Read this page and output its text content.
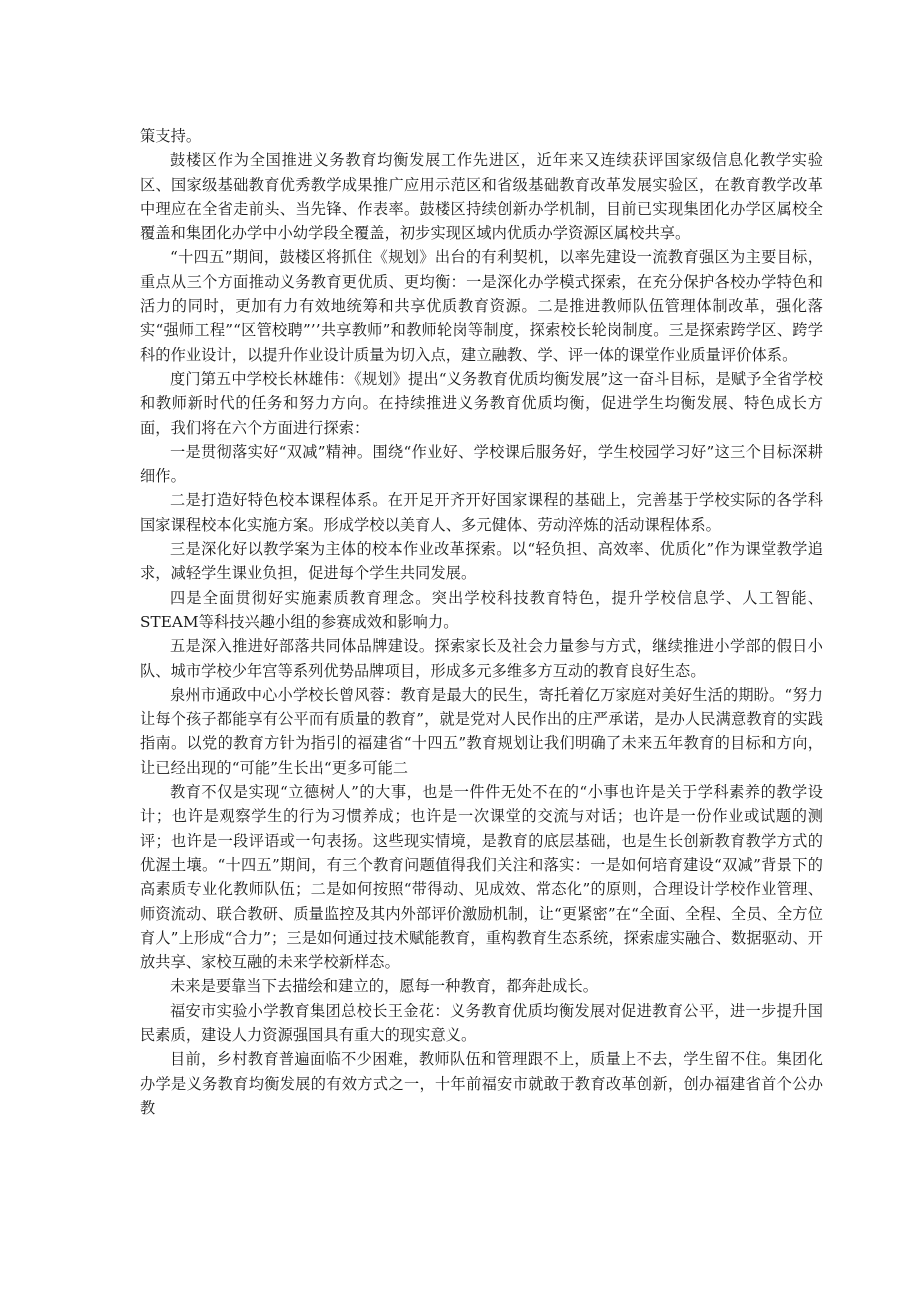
策支持。

鼓楼区作为全国推进义务教育均衡发展工作先进区，近年来又连续获评国家级信息化教学实验区、国家级基础教育优秀教学成果推广应用示范区和省级基础教育改革发展实验区，在教育教学改革中理应在全省走前头、当先锋、作表率。鼓楼区持续创新办学机制，目前已实现集团化办学区属校全覆盖和集团化办学中小幼学段全覆盖，初步实现区域内优质办学资源区属校共享。

“十四五”期间，鼓楼区将抓住《规划》出台的有利契机，以率先建设一流教育强区为主要目标，重点从三个方面推动义务教育更优质、更均衡：一是深化办学模式探索，在充分保护各校办学特色和活力的同时，更加有力有效地统筹和共享优质教育资源。二是推进教师队伍管理体制改革，强化落实“强师工程”“区管校聘”’’共享教师”和教师轮岗等制度，探索校长轮岗制度。三是探索跨学区、跨学科的作业设计，以提升作业设计质量为切入点，建立融教、学、评一体的课堂作业质量评价体系。

度门第五中学校长林雄伟：《规划》提出“义务教育优质均衡发展”这一奋斗目标，是赋予全省学校和教师新时代的任务和努力方向。在持续推进义务教育优质均衡，促进学生均衡发展、特色成长方面，我们将在六个方面进行探索：

一是贯彻落实好“双减”精神。围绕“作业好、学校课后服务好，学生校园学习好”这三个目标深耕细作。

二是打造好特色校本课程体系。在开足开齐开好国家课程的基础上，完善基于学校实际的各学科国家课程校本化实施方案。形成学校以美育人、多元健体、劳动淬炼的活动课程体系。

三是深化好以教学案为主体的校本作业改革探索。以“轻负担、高效率、优质化”作为课堂教学追求，减轻学生课业负担，促进每个学生共同发展。

四是全面贯彻好实施素质教育理念。突出学校科技教育特色，提升学校信息学、人工智能、STEAM等科技兴趣小组的参赛成效和影响力。

五是深入推进好部落共同体品牌建设。探索家长及社会力量参与方式，继续推进小学部的假日小队、城市学校少年宫等系列优势品牌项目，形成多元多维多方互动的教育良好生态。

泉州市通政中心小学校长曾风蓉：教育是最大的民生，寄托着亿万家庭对美好生活的期盼。“努力让每个孩子都能享有公平而有质量的教育”，就是党对人民作出的庄严承诺，是办人民满意教育的实践指南。以党的教育方针为指引的福建省“十四五”教育规划让我们明确了未来五年教育的目标和方向，让已经出现的“可能”生长出“更多可能二

教育不仅是实现“立德树人”的大事，也是一件件无处不在的“小事也许是关于学科素养的教学设计；也许是观察学生的行为习惯养成；也许是一次课堂的交流与对话；也许是一份作业或试题的测评；也许是一段评语或一句表扬。这些现实情境，是教育的底层基础，也是生长创新教育教学方式的优渥土壤。“十四五”期间，有三个教育问题值得我们关注和落实：一是如何培育建设“双减”背景下的高素质专业化教师队伍；二是如何按照“带得动、见成效、常态化”的原则，合理设计学校作业管理、师资流动、联合教研、质量监控及其内外部评价激励机制，让“更紧密”在“全面、全程、全员、全方位育人”上形成“合力”；三是如何通过技术赋能教育，重构教育生态系统，探索虚实融合、数据驱动、开放共享、家校互融的未来学校新样态。

未来是要靠当下去描绘和建立的，愿每一种教育，都奔赴成长。

福安市实验小学教育集团总校长王金花：义务教育优质均衡发展对促进教育公平，进一步提升国民素质，建设人力资源强国具有重大的现实意义。

目前，乡村教育普遍面临不少困难，教师队伍和管理跟不上，质量上不去，学生留不住。集团化办学是义务教育均衡发展的有效方式之一，十年前福安市就敢于教育改革创新，创办福建省首个公办教
